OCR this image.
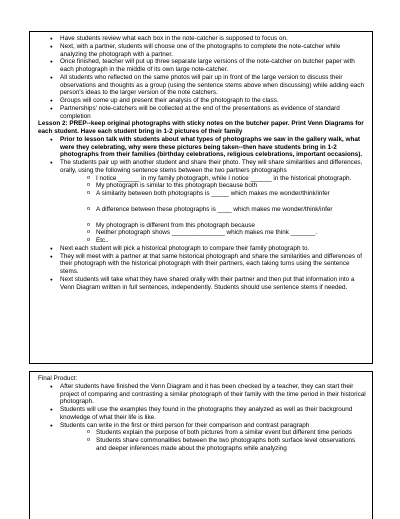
● Have students review what each box in the note-catcher is supposed to focus on.
● Next, with a partner, students will choose one of the photographs to complete the note-catcher while analyzing the photograph with a partner.
● Once finished, teacher will put up three separate large versions of the note-catcher on butcher paper with each photograph in the middle of its own large note-catcher.
● All students who reflected on the same photos will pair up in front of the large version to discuss their observations and thoughts as a group (using the sentence stems above when discussing) while adding each person's ideas to the larger version of the note catchers.
● Groups will come up and present their analysis of the photograph to the class.
● Partnerships' note-catchers will be collected at the end of the presentations as evidence of standard completion
Lesson 2: PREP--keep original photographs with sticky notes on the butcher paper. Print Venn Diagrams for each student. Have each student bring in 1-2 pictures of their family
● Prior to lesson talk with students about what types of photographs we saw in the gallery walk, what were they celebrating, why were these pictures being taken--then have students bring in 1-2 photographs from their families (birthday celebrations, religious celebrations, important occasions).
● The students pair up with another student and share their photo. They will share similarities and differences, orally, using the following sentence stems between the two partners photographs
o I notice ______ in my family photograph, while I notice ______ in the historical photograph.
o My photograph is similar to this photograph because both
o A similarity between both photographs is _____ which makes me wonder/think/infer
o A difference between these photographs is ____ which makes me wonder/think/infer
o My photograph is different from this photograph because
o Neither photograph shows _______________ which makes me think _______.
o Etc..
● Next each student will pick a historical photograph to compare their family photograph to.
● They will meet with a partner at that same historical photograph and share the similarities and differences of their photograph with the historical photograph with their partners, each taking turns using the sentence stems.
● Next students will take what they have shared orally with their partner and then put that information into a Venn Diagram written in full sentences, independently. Students should use sentence stems if needed.
Final Product:
● After students have finished the Venn Diagram and it has been checked by a teacher, they can start their project of comparing and contrasting a similar photograph of their family with the time period in their historical photograph.
● Students will use the examples they found in the photographs they analyzed as well as their background knowledge of what their life is like.
● Students can write in the first or third person for their comparison and contrast paragraph
o Students explain the purpose of both pictures from a similar event but different time periods
o Students share commonalities between the two photographs both surface level observations and deeper inferences made about the photographs while analyzing
